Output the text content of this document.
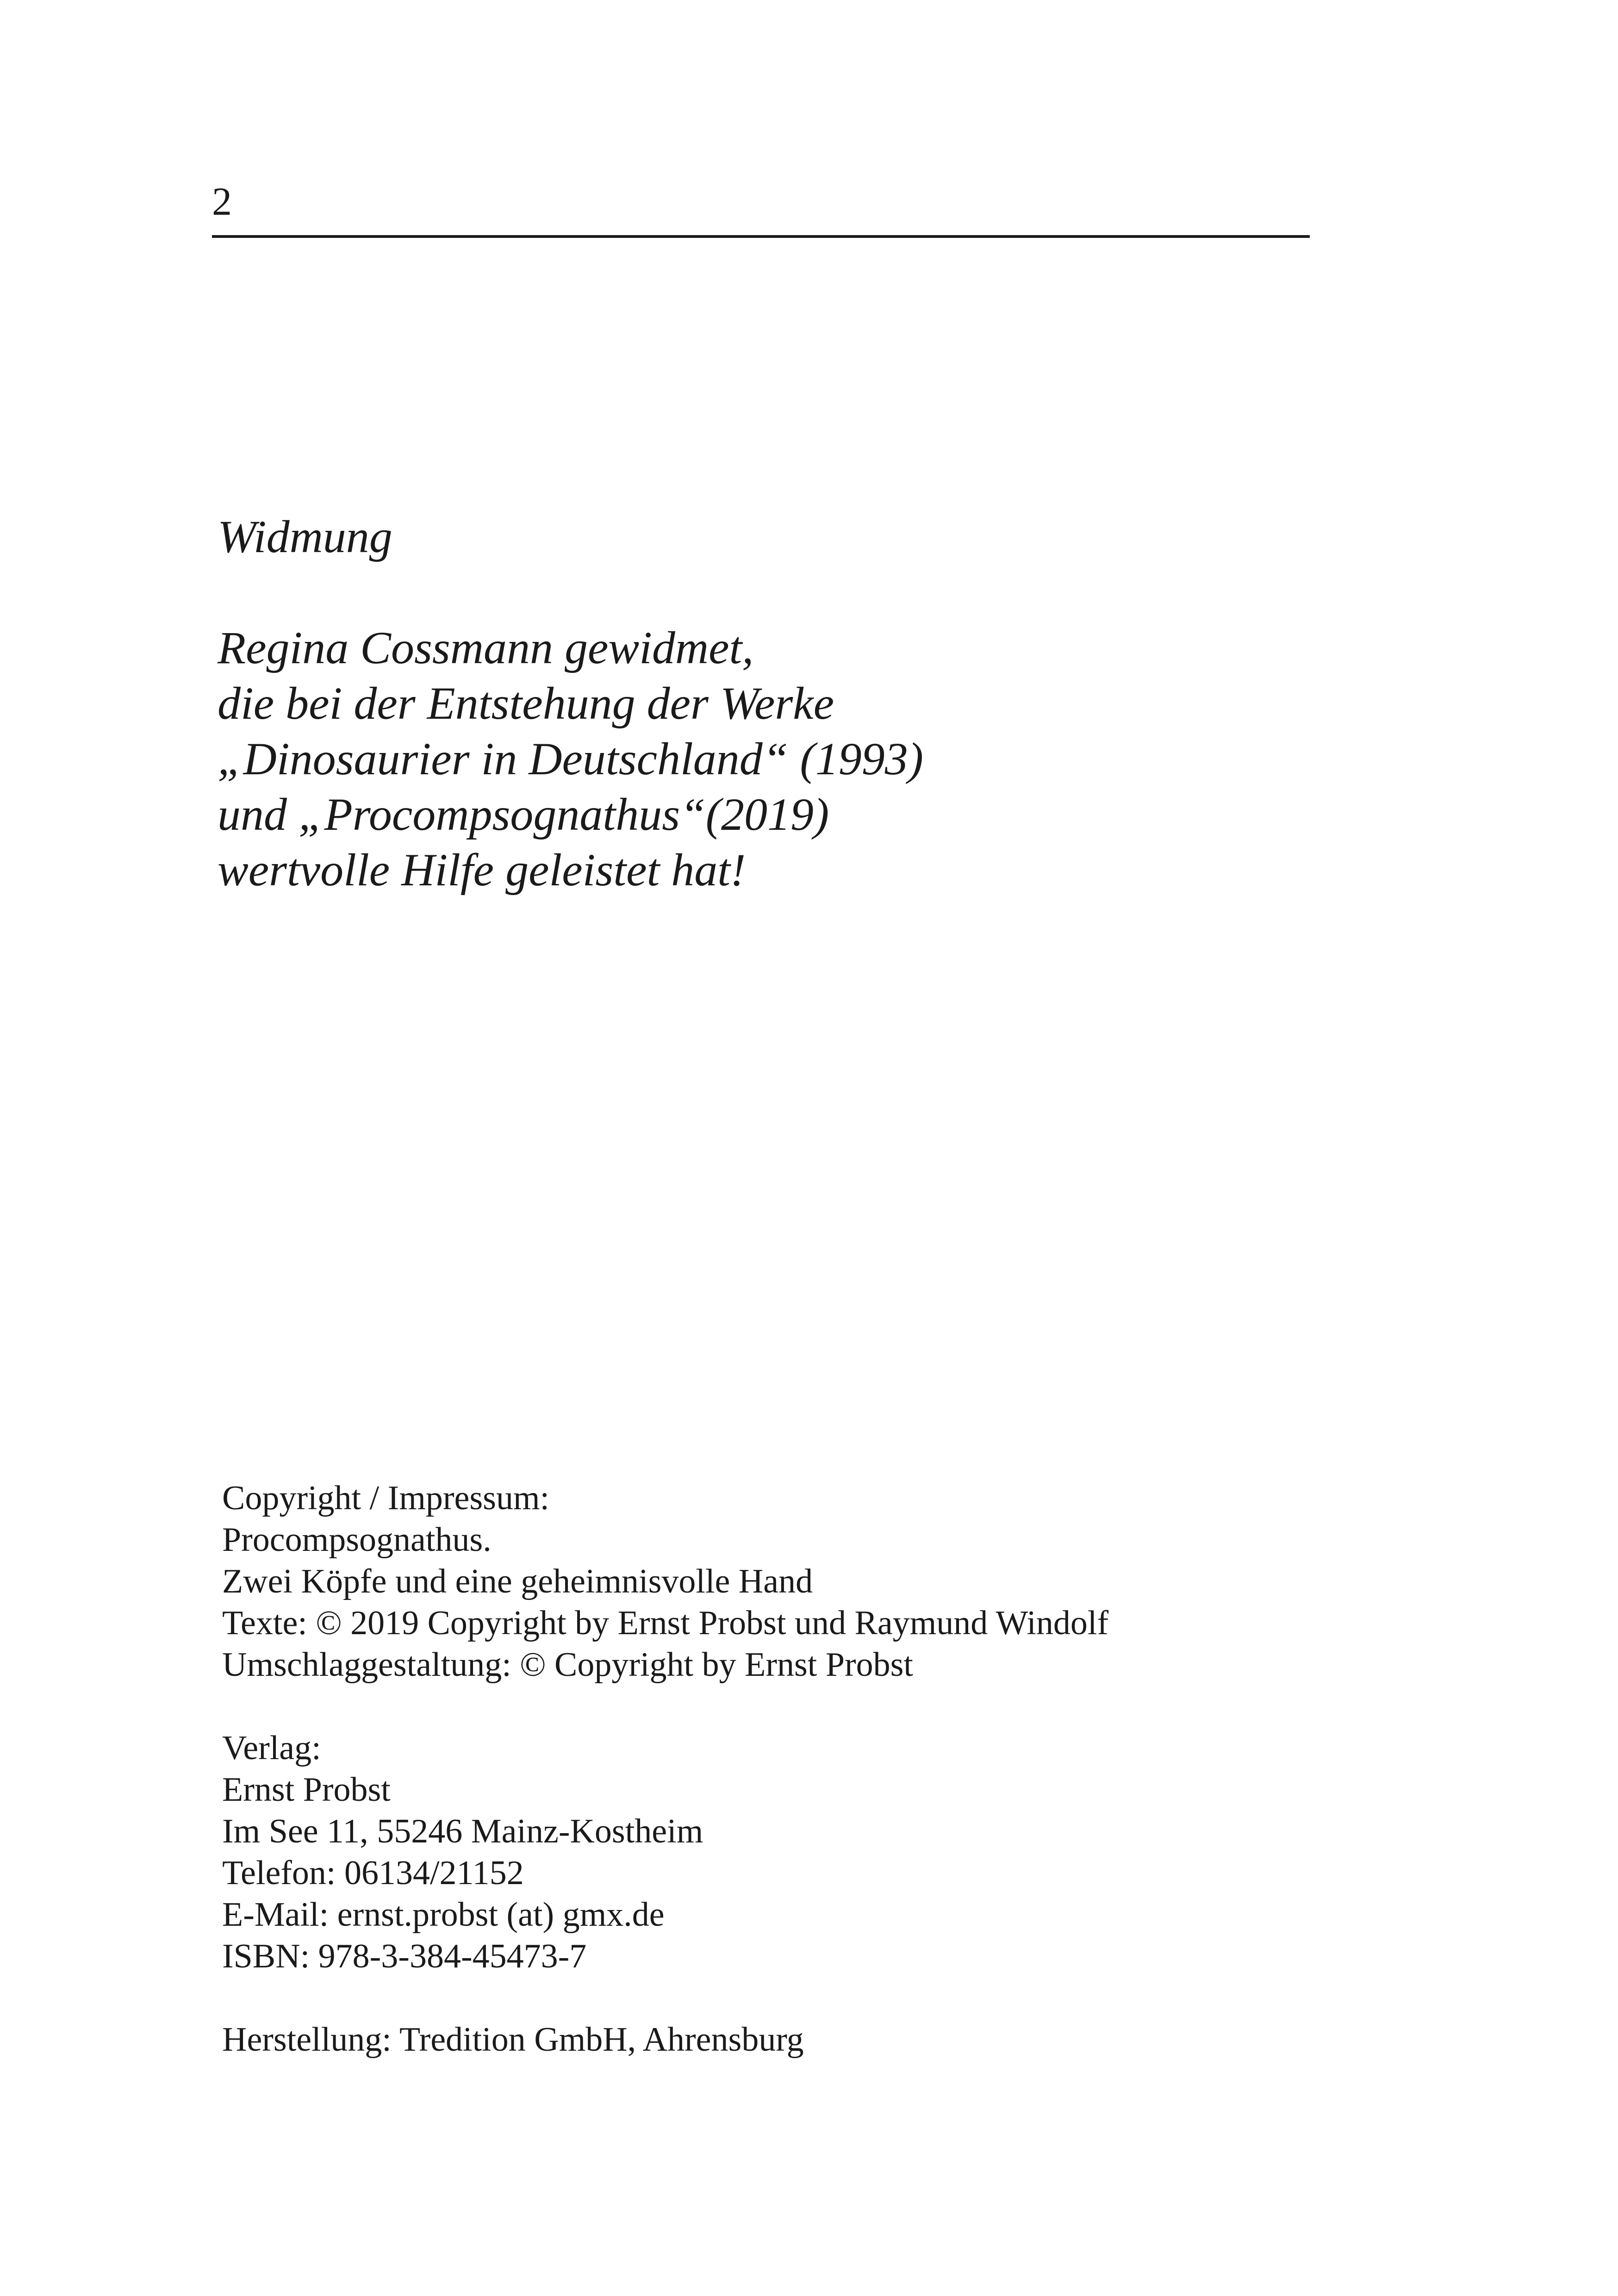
2
Widmung
Regina Cossmann gewidmet,
die bei der Entstehung der Werke
„Dinosaurier in Deutschland“ (1993)
und „Procompsognathus“(2019)
wertvolle Hilfe geleistet hat!
Copyright / Impressum:
Procompsognathus.
Zwei Köpfe und eine geheimnisvolle Hand
Texte: © 2019 Copyright by Ernst Probst und Raymund Windolf
Umschlaggestaltung: © Copyright by Ernst Probst
Verlag:
Ernst Probst
Im See 11, 55246 Mainz-Kostheim
Telefon: 06134/21152
E-Mail: ernst.probst (at) gmx.de
ISBN: 978-3-384-45473-7
Herstellung: Tredition GmbH, Ahrensburg
